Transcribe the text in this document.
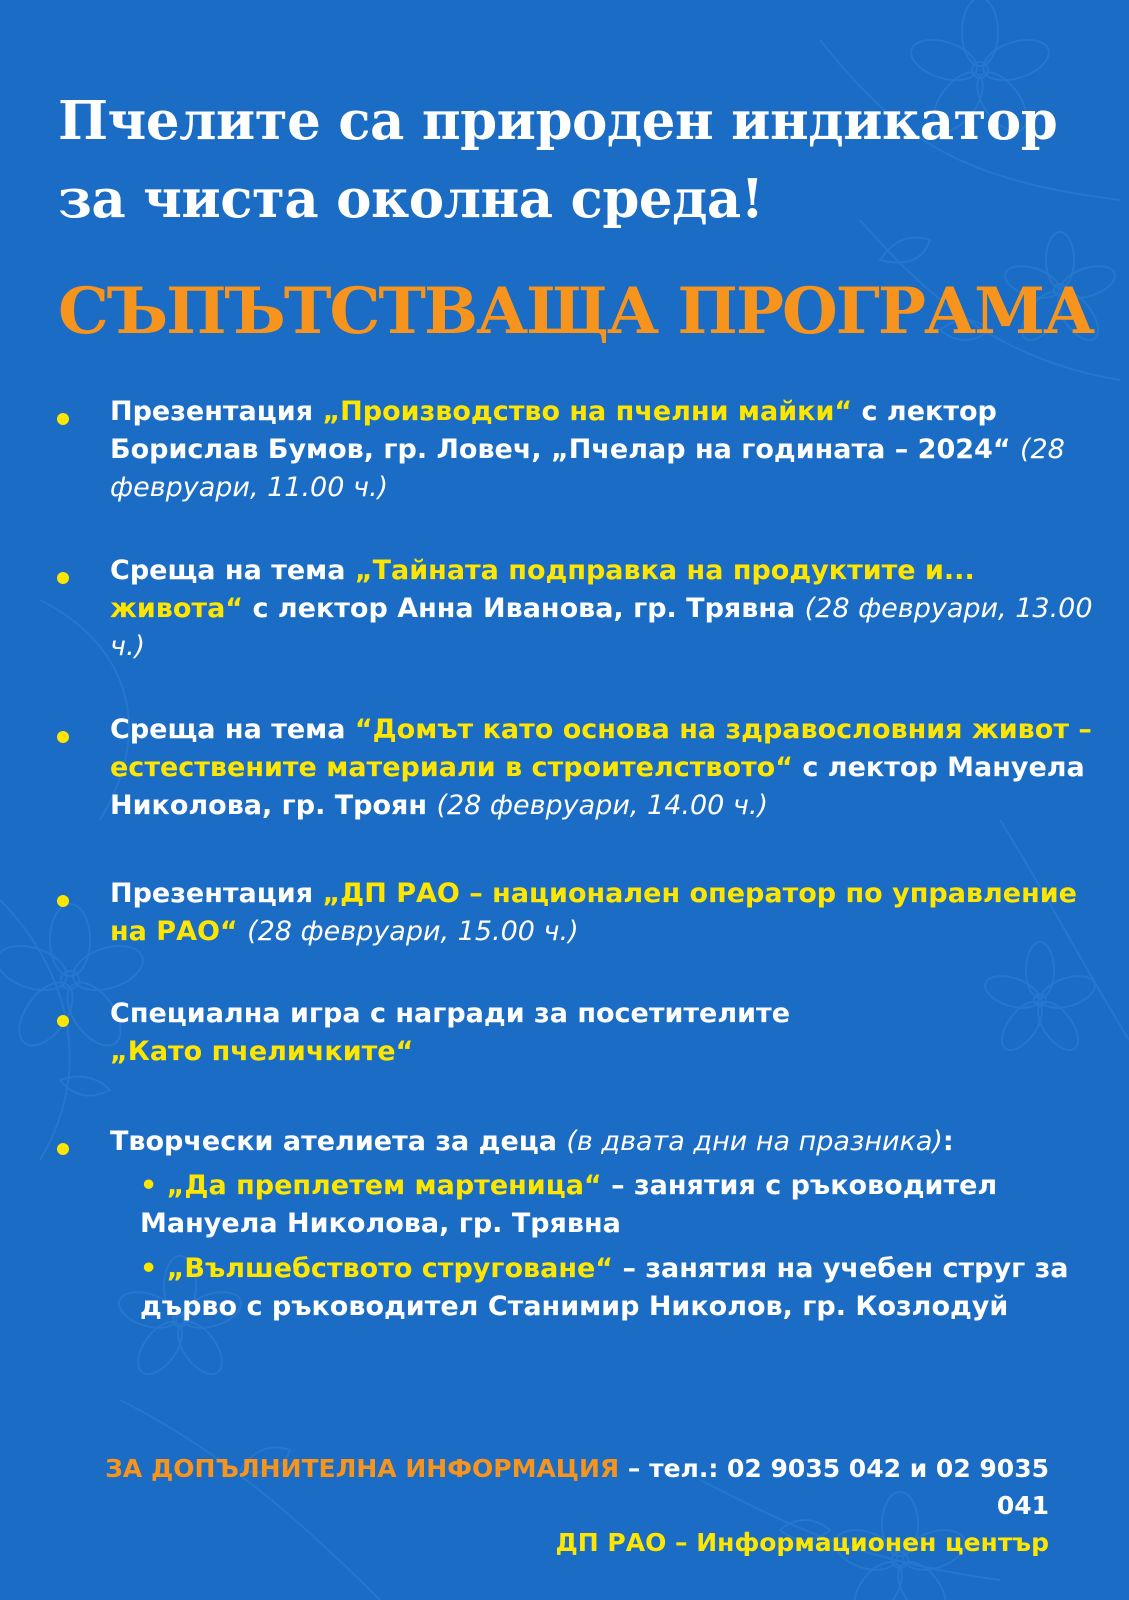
Пчелите са природен индикатор
за чиста околна среда!
СЪПЪТСТВАЩА ПРОГРАМА
Презентация „Производство на пчелни майки“ с лектор Борислав Бумов, гр. Ловеч, „Пчелар на годината – 2024“ (28 февруари, 11.00 ч.)
Среща на тема „Тайната подправка на продуктите и... живота“ с лектор Анна Иванова, гр. Трявна (28 февруари, 13.00 ч.)
Среща на тема “Домът като основа на здравословния живот – естествените материали в строителството“ с лектор Мануела Николова, гр. Троян (28 февруари, 14.00 ч.)
Презентация „ДП РАО – национален оператор по управление на РАО“ (28 февруари, 15.00 ч.)
Специална игра с награди за посетителите „Като пчеличките“
Творчески ателиета за деца (в двата дни на празника):
• „Да преплетем мартеница“ – занятия с ръководител Мануела Николова, гр. Трявна
• „Вълшебството струговане“ – занятия на учебен струг за дърво с ръководител Станимир Николов, гр. Козлодуй
ЗА ДОПЪЛНИТЕЛНА ИНФОРМАЦИЯ – тел.: 02 9035 042 и 02 9035 041
ДП РАО – Информационен център
